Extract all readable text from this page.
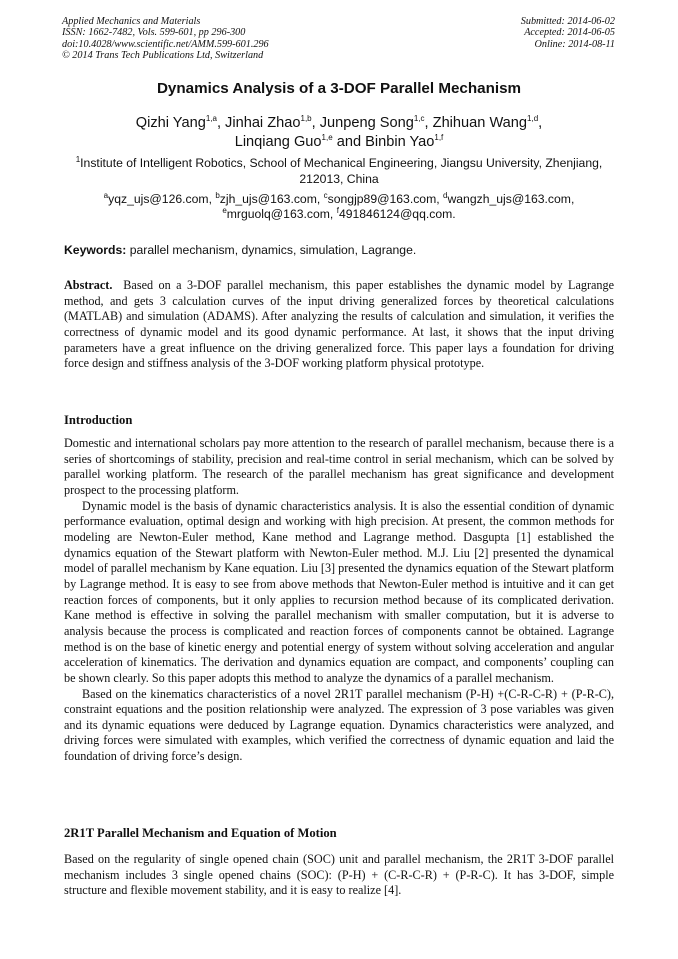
Applied Mechanics and Materials
ISSN: 1662-7482, Vols. 599-601, pp 296-300
doi:10.4028/www.scientific.net/AMM.599-601.296
© 2014 Trans Tech Publications Ltd, Switzerland
Submitted: 2014-06-02
Accepted: 2014-06-05
Online: 2014-08-11
Dynamics Analysis of a 3-DOF Parallel Mechanism
Qizhi Yang$^{1,a}$, Jinhai Zhao$^{1,b}$, Junpeng Song$^{1,c}$, Zhihuan Wang$^{1,d}$,
Linqiang Guo$^{1,e}$ and Binbin Yao$^{1,f}$
$^1$Institute of Intelligent Robotics, School of Mechanical Engineering, Jiangsu University, Zhenjiang, 212013, China
$^a$yqz_ujs@126.com, $^b$zjh_ujs@163.com, $^c$songjp89@163.com, $^d$wangzh_ujs@163.com,
$^e$mrguolq@163.com, $^f$491846124@qq.com.
Keywords: parallel mechanism, dynamics, simulation, Lagrange.

Abstract. Based on a 3-DOF parallel mechanism, this paper establishes the dynamic model by Lagrange method, and gets 3 calculation curves of the input driving generalized forces by theoretical calculations (MATLAB) and simulation (ADAMS). After analyzing the results of calculation and simulation, it verifies the correctness of dynamic model and its good dynamic performance. At last, it shows that the input driving parameters have a great influence on the driving generalized force. This paper lays a foundation for driving force design and stiffness analysis of the 3-DOF working platform physical prototype.

Introduction

Domestic and international scholars pay more attention to the research of parallel mechanism, because there is a series of shortcomings of stability, precision and real-time control in serial mechanism, which can be solved by parallel working platform. The research of the parallel mechanism has great significance and development prospect to the processing platform.

Dynamic model is the basis of dynamic characteristics analysis. It is also the essential condition of dynamic performance evaluation, optimal design and working with high precision. At present, the common methods for modeling are Newton-Euler method, Kane method and Lagrange method. Dasgupta [1] established the dynamics equation of the Stewart platform with Newton-Euler method. M.J. Liu [2] presented the dynamical model of parallel mechanism by Kane equation. Liu [3] presented the dynamics equation of the Stewart platform by Lagrange method. It is easy to see from above methods that Newton-Euler method is intuitive and it can get reaction forces of components, but it only applies to recursion method because of its complicated derivation. Kane method is effective in solving the parallel mechanism with smaller computation, but it is adverse to analysis because the process is complicated and reaction forces of components cannot be obtained. Lagrange method is on the base of kinetic energy and potential energy of system without solving acceleration and angular acceleration of kinematics. The derivation and dynamics equation are compact, and components’ coupling can be shown clearly. So this paper adopts this method to analyze the dynamics of a parallel mechanism.

Based on the kinematics characteristics of a novel 2R1T parallel mechanism (P-H) +(C-R-C-R) + (P-R-C), constraint equations and the position relationship were analyzed. The expression of 3 pose variables was given and its dynamic equations were deduced by Lagrange equation. Dynamics characteristics were analyzed, and driving forces were simulated with examples, which verified the correctness of dynamic equation and laid the foundation of driving force’s design.

2R1T Parallel Mechanism and Equation of Motion

Based on the regularity of single opened chain (SOC) unit and parallel mechanism, the 2R1T 3-DOF parallel mechanism includes 3 single opened chains (SOC): (P-H) + (C-R-C-R) + (P-R-C). It has 3-DOF, simple structure and flexible movement stability, and it is easy to realize [4].
